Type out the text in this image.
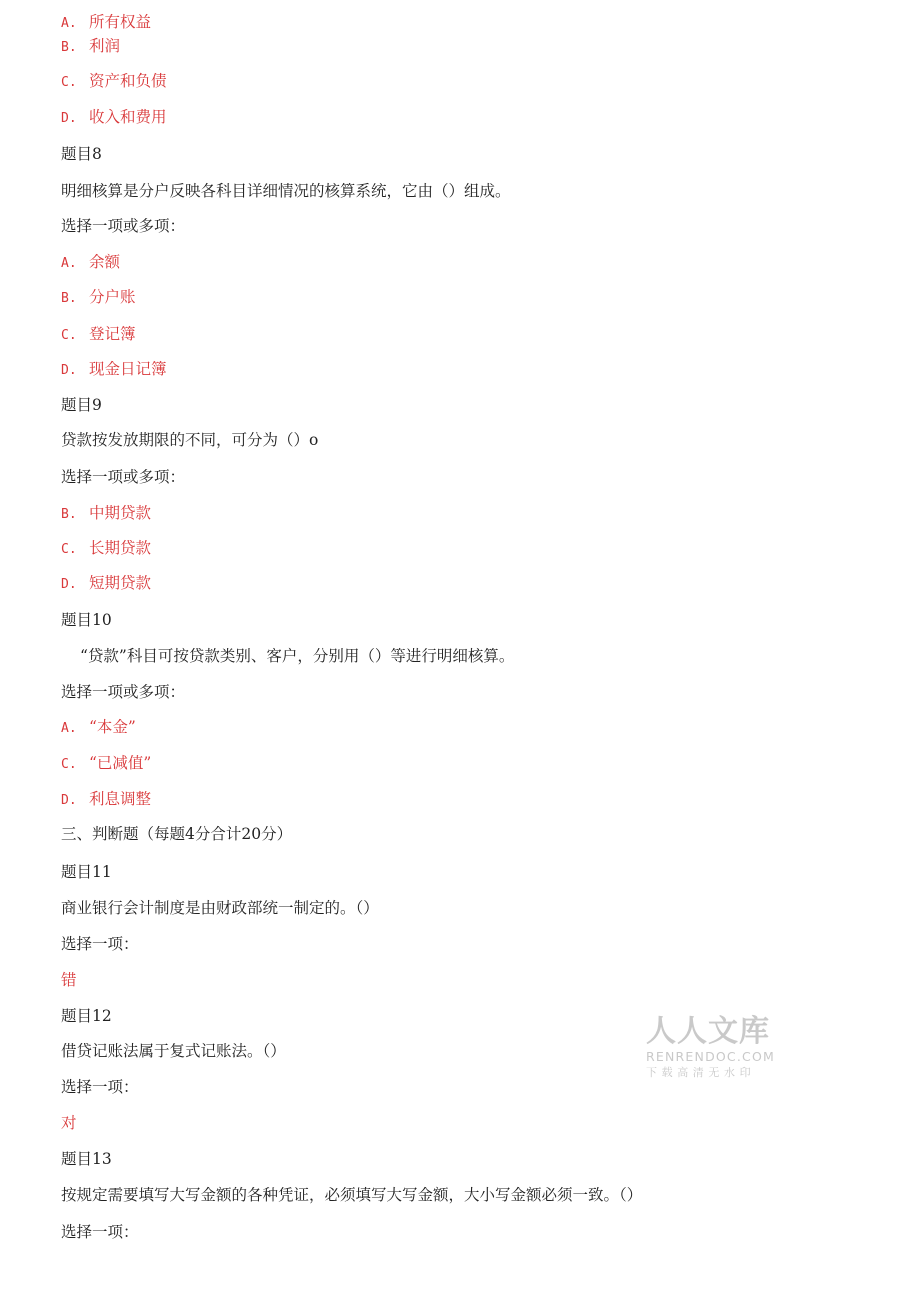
A. 所有权益
B. 利润
C. 资产和负债
D. 收入和费用
题目8
明细核算是分户反映各科目详细情况的核算系统，它由（）组成。
选择一项或多项：
A. 余额
B. 分户账
C. 登记簿
D. 现金日记簿
题目9
贷款按发放期限的不同，可分为（）o
选择一项或多项：
B. 中期贷款
C. 长期贷款
D. 短期贷款
题目10
“贷款”科目可按贷款类别、客户，分别用（）等进行明细核算。
选择一项或多项：
A. “本金”
C. “已减值”
D. 利息调整
三、判断题（每题4分合计20分）
题目11
商业银行会计制度是由财政部统一制定的。（）
选择一项：
错
题目12
借贷记账法属于复式记账法。（）
选择一项：
对
题目13
按规定需要填写大写金额的各种凭证，必须填写大写金额，大小写金额必须一致。（）
选择一项：
人人文库
RENRENDOC.COM
下载高清无水印
